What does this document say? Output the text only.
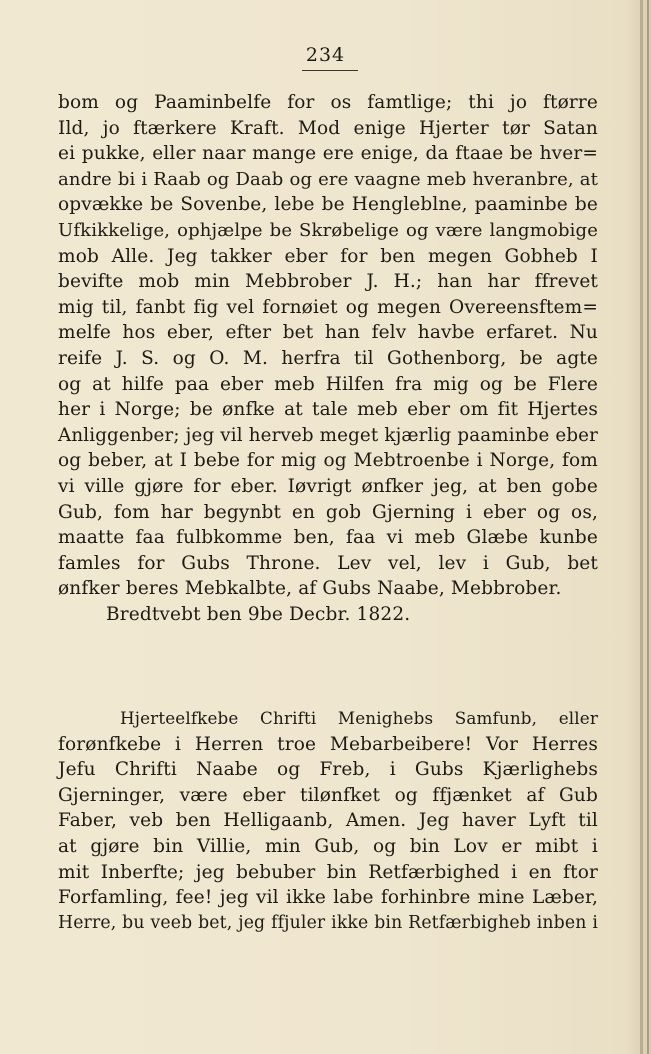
234
bom og Paaminbelfe for os famtlige; thi jo ftørre
Ild, jo ftærkere Kraft. Mod enige Hjerter tør Satan
ei pukke, eller naar mange ere enige, da ftaae be hver=
andre bi i Raab og Daab og ere vaagne meb hveranbre, at
opvække be Sovenbe, lebe be Hengleblne, paaminbe be
Ufkikkelige, ophjælpe be Skrøbelige og være langmobige
mob Alle. Jeg takker eber for ben megen Gobheb I
bevifte mob min Mebbrober J. H.; han har ffrevet
mig til, fanbt fig vel fornøiet og megen Overeensftem=
melfe hos eber, efter bet han felv havbe erfaret. Nu
reife J. S. og O. M. herfra til Gothenborg, be agte
og at hilfe paa eber meb Hilfen fra mig og be Flere
her i Norge; be ønfke at tale meb eber om fit Hjertes
Anliggenber; jeg vil herveb meget kjærlig paaminbe eber
og beber, at I bebe for mig og Mebtroenbe i Norge, fom
vi ville gjøre for eber. Iøvrigt ønfker jeg, at ben gobe
Gub, fom har begynbt en gob Gjerning i eber og os,
maatte faa fulbkomme ben, faa vi meb Glæbe kunbe
famles for Gubs Throne. Lev vel, lev i Gub, bet
ønfker beres Mebkalbte, af Gubs Naabe, Mebbrober.
Bredtvebt ben 9be Decbr. 1822.
Hjerteelfkebe Chrifti Menighebs Samfunb, eller
forønfkebe i Herren troe Mebarbeibere! Vor Herres
Jefu Chrifti Naabe og Freb, i Gubs Kjærlighebs
Gjerninger, være eber tilønfket og ffjænket af Gub
Faber, veb ben Helligaanb, Amen. Jeg haver Lyft til
at gjøre bin Villie, min Gub, og bin Lov er mibt i
mit Inberfte; jeg bebuber bin Retfærbighed i en ftor
Forfamling, fee! jeg vil ikke labe forhinbre mine Læber,
Herre, bu veeb bet, jeg ffjuler ikke bin Retfærbigheb inben i
